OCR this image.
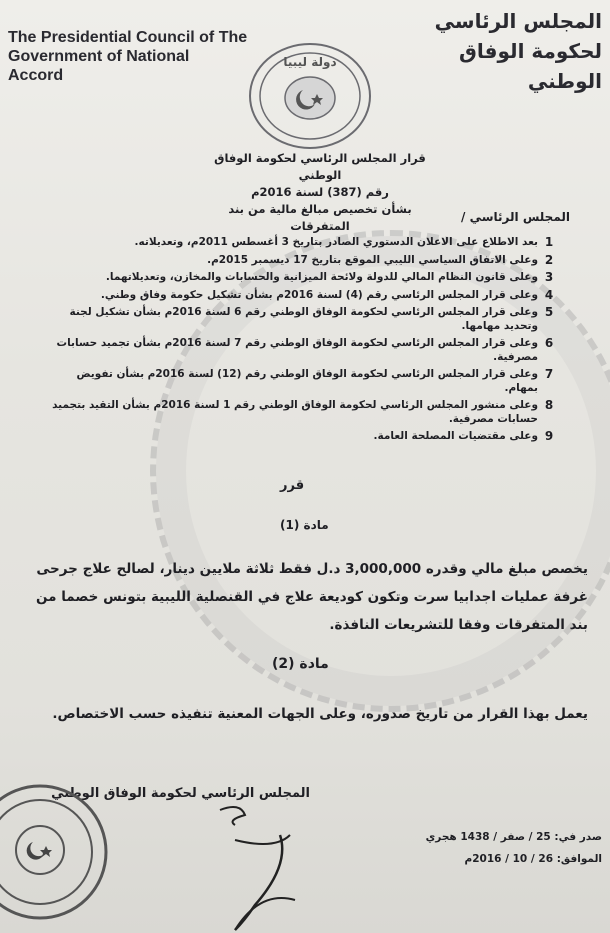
The Presidential Council of The
Government of National Accord
المجلس الرئاسي
لحكومة الوفاق الوطني
دولة ليبيا
قرار المجلس الرئاسي لحكومة الوفاق الوطني
رقم (387) لسنة 2016م
بشأن تخصيص مبالغ مالية من بند المتفرقات
المجلس الرئاسي /
1
بعد الاطلاع على الاعلان الدستوري الصادر بتاريخ 3 أغسطس 2011م، وتعديلاته.
2
وعلى الاتفاق السياسي الليبي الموقع بتاريخ 17 ديسمبر 2015م.
3
وعلى قانون النظام المالي للدولة ولائحة الميزانية والحسابات والمخازن، وتعديلاتهما.
4
وعلى قرار المجلس الرئاسي رقم (4) لسنة 2016م بشأن تشكيل حكومة وفاق وطني.
5
وعلى قرار المجلس الرئاسي لحكومة الوفاق الوطني رقم 6 لسنة 2016م بشأن تشكيل لجنة وتحديد مهامها.
6
وعلى قرار المجلس الرئاسي لحكومة الوفاق الوطني رقم 7 لسنة 2016م بشأن تجميد حسابات مصرفية.
7
وعلى قرار المجلس الرئاسي لحكومة الوفاق الوطني رقم (12) لسنة 2016م بشأن تفويض بمهام.
8
وعلى منشور المجلس الرئاسي لحكومة الوفاق الوطني رقم 1 لسنة 2016م بشأن التقيد بتجميد حسابات مصرفية.
9
وعلى مقتضيات المصلحة العامة.
قرر
مادة (1)
يخصص مبلغ مالي وقدره 3,000,000 د.ل فقط ثلاثة ملايين دينار، لصالح علاج جرحى غرفة عمليات اجدابيا سرت وتكون كوديعة علاج في القنصلية الليبية بتونس خصما من بند المتفرقات وفقا للتشريعات النافذة.
مادة (2)
يعمل بهذا القرار من تاريخ صدوره، وعلى الجهات المعنية تنفيذه حسب الاختصاص.
المجلس الرئاسي لحكومة الوفاق الوطني
صدر في: 25 / صفر / 1438 هجري
الموافق: 26 / 10 / 2016م
